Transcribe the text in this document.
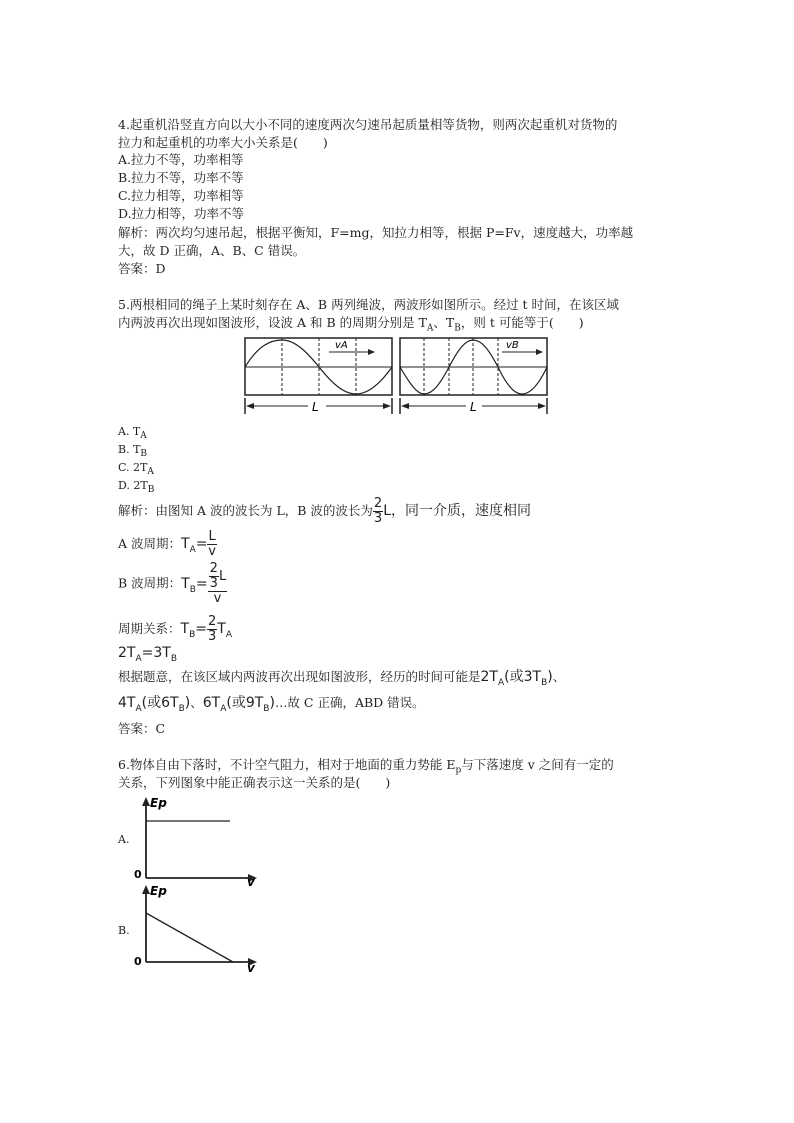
4.起重机沿竖直方向以大小不同的速度两次匀速吊起质量相等货物，则两次起重机对货物的
拉力和起重机的功率大小关系是(　　)
A.拉力不等，功率相等
B.拉力不等，功率不等
C.拉力相等，功率相等
D.拉力相等，功率不等
解析：两次均匀速吊起，根据平衡知，F=mg，知拉力相等，根据 P=Fv，速度越大，功率越
大，故 D 正确，A、B、C 错误。
答案：D
5.两根相同的绳子上某时刻存在 A、B 两列绳波，两波形如图所示。经过 t 时间，在该区域
内两波再次出现如图波形，设波 A 和 B 的周期分别是 $T_A$、$T_B$，则 t 可能等于(　　)
vA	vB
L	L
A. $T_A$
B. $T_B$
C. $2T_A$
D. $2T_B$
解析：由图知 A 波的波长为 L，B 波的波长为 $\frac{2}{3}$ L，同一介质，速度相同
A 波周期：$T_A= \frac{L}{v}$
B 波周期：$T_B= \frac{\frac{2}{3} L}{v}$
周期关系：$T_B= \frac{2}{3} T_A$
$2T_A=3T_B$
根据题意，在该区域内两波再次出现如图波形，经历的时间可能是$2T_A$(或$3T_B$)、
$4T_A$(或$6T_B$)、$6T_A$(或$9T_B)\dots$故 C 正确，ABD 错误。
答案：C
6.物体自由下落时，不计空气阻力，相对于地面的重力势能 $E_p$与下落速度 v 之间有一定的
关系，下列图象中能正确表示这一关系的是(　　)
A.
Ep
0
v
B.
Ep
0	v
